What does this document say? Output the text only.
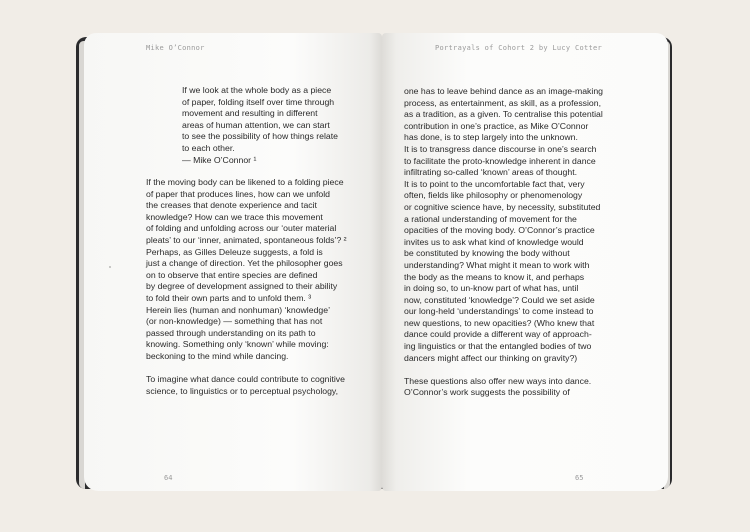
Mike O’Connor
If we look at the whole body as a piece
of paper, folding itself over time through
movement and resulting in different
areas of human attention, we can start
to see the possibility of how things relate
to each other.
— Mike O’Connor ¹
If the moving body can be likened to a folding piece
of paper that produces lines, how can we unfold
the creases that denote experience and tacit
knowledge? How can we trace this movement
of folding and unfolding across our ‘outer material
pleats’ to our ‘inner, animated, spontaneous folds’? ²
Perhaps, as Gilles Deleuze suggests, a fold is
just a change of direction. Yet the philosopher goes
on to observe that entire species are defined
by degree of development assigned to their ability
to fold their own parts and to unfold them. ³
Herein lies (human and nonhuman) ‘knowledge’
(or non-knowledge) — something that has not
passed through understanding on its path to
knowing. Something only ‘known’ while moving:
beckoning to the mind while dancing.
To imagine what dance could contribute to cognitive
science, to linguistics or to perceptual psychology,
64
Portrayals of Cohort 2 by Lucy Cotter
one has to leave behind dance as an image-making
process, as entertainment, as skill, as a profession,
as a tradition, as a given. To centralise this potential
contribution in one’s practice, as Mike O’Connor
has done, is to step largely into the unknown.
It is to transgress dance discourse in one’s search
to facilitate the proto-knowledge inherent in dance
infiltrating so-called ‘known’ areas of thought.
It is to point to the uncomfortable fact that, very
often, fields like philosophy or phenomenology
or cognitive science have, by necessity, substituted
a rational understanding of movement for the
opacities of the moving body. O’Connor’s practice
invites us to ask what kind of knowledge would
be constituted by knowing the body without
understanding? What might it mean to work with
the body as the means to know it, and perhaps
in doing so, to un-know part of what has, until
now, constituted ‘knowledge’? Could we set aside
our long-held ‘understandings’ to come instead to
new questions, to new opacities? (Who knew that
dance could provide a different way of approach-
ing linguistics or that the entangled bodies of two
dancers might affect our thinking on gravity?)
These questions also offer new ways into dance.
O’Connor’s work suggests the possibility of
65
